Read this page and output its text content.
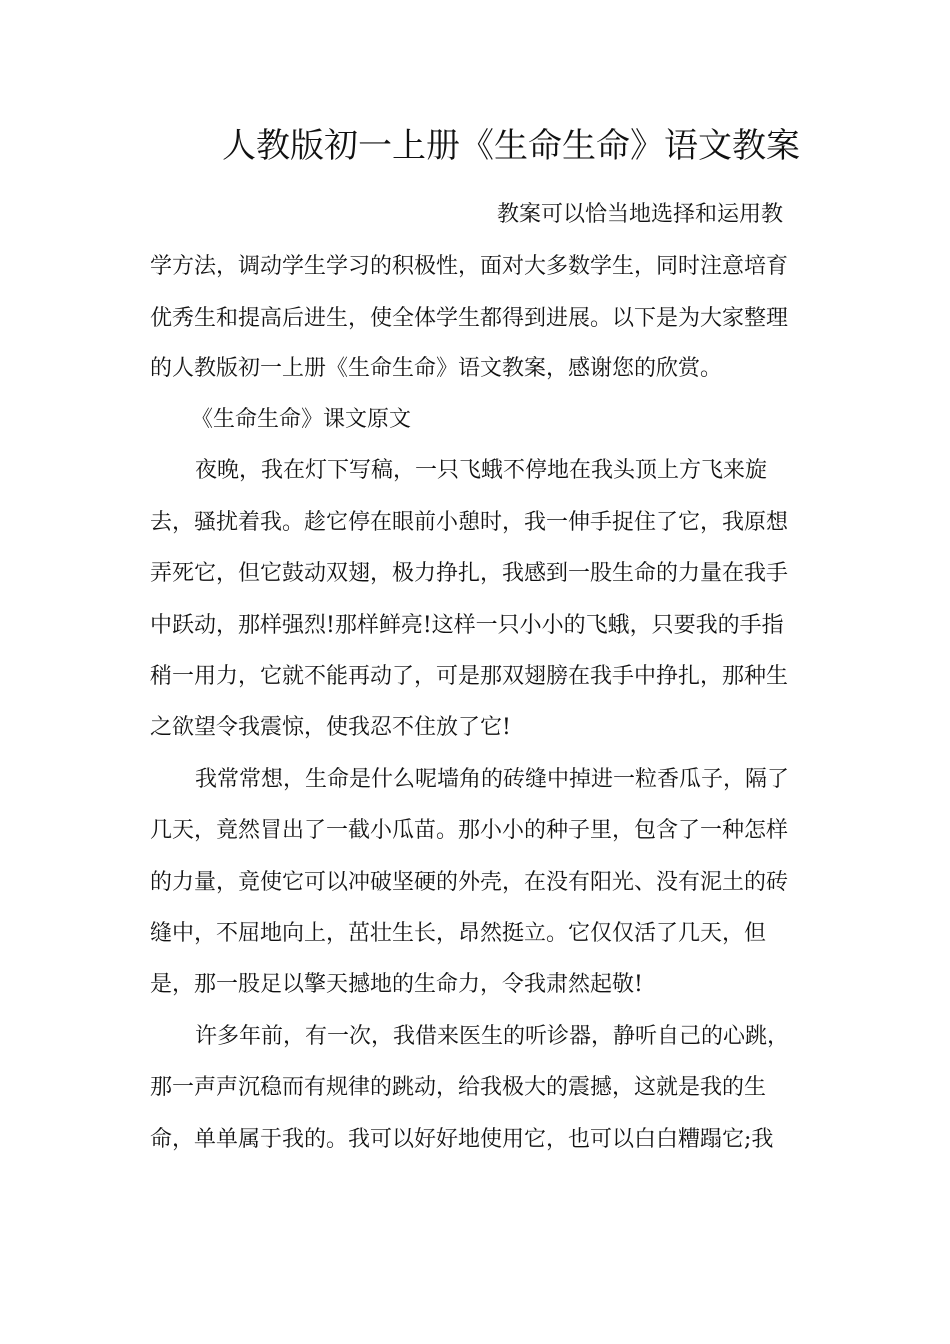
人教版初一上册《生命生命》语文教案
教案可以恰当地选择和运用教
学方法，调动学生学习的积极性，面对大多数学生，同时注意培育
优秀生和提高后进生，使全体学生都得到进展。以下是为大家整理
的人教版初一上册《生命生命》语文教案，感谢您的欣赏。
《生命生命》课文原文
夜晚，我在灯下写稿，一只飞蛾不停地在我头顶上方飞来旋
去，骚扰着我。趁它停在眼前小憩时，我一伸手捉住了它，我原想
弄死它，但它鼓动双翅，极力挣扎，我感到一股生命的力量在我手
中跃动，那样强烈!那样鲜亮!这样一只小小的飞蛾，只要我的手指
稍一用力，它就不能再动了，可是那双翅膀在我手中挣扎，那种生
之欲望令我震惊，使我忍不住放了它!
我常常想，生命是什么呢墙角的砖缝中掉进一粒香瓜子，隔了
几天，竟然冒出了一截小瓜苗。那小小的种子里，包含了一种怎样
的力量，竟使它可以冲破坚硬的外壳，在没有阳光、没有泥土的砖
缝中，不屈地向上，茁壮生长，昂然挺立。它仅仅活了几天，但
是，那一股足以擎天撼地的生命力，令我肃然起敬!
许多年前，有一次，我借来医生的听诊器，静听自己的心跳，
那一声声沉稳而有规律的跳动，给我极大的震撼，这就是我的生
命，单单属于我的。我可以好好地使用它，也可以白白糟蹋它;我
